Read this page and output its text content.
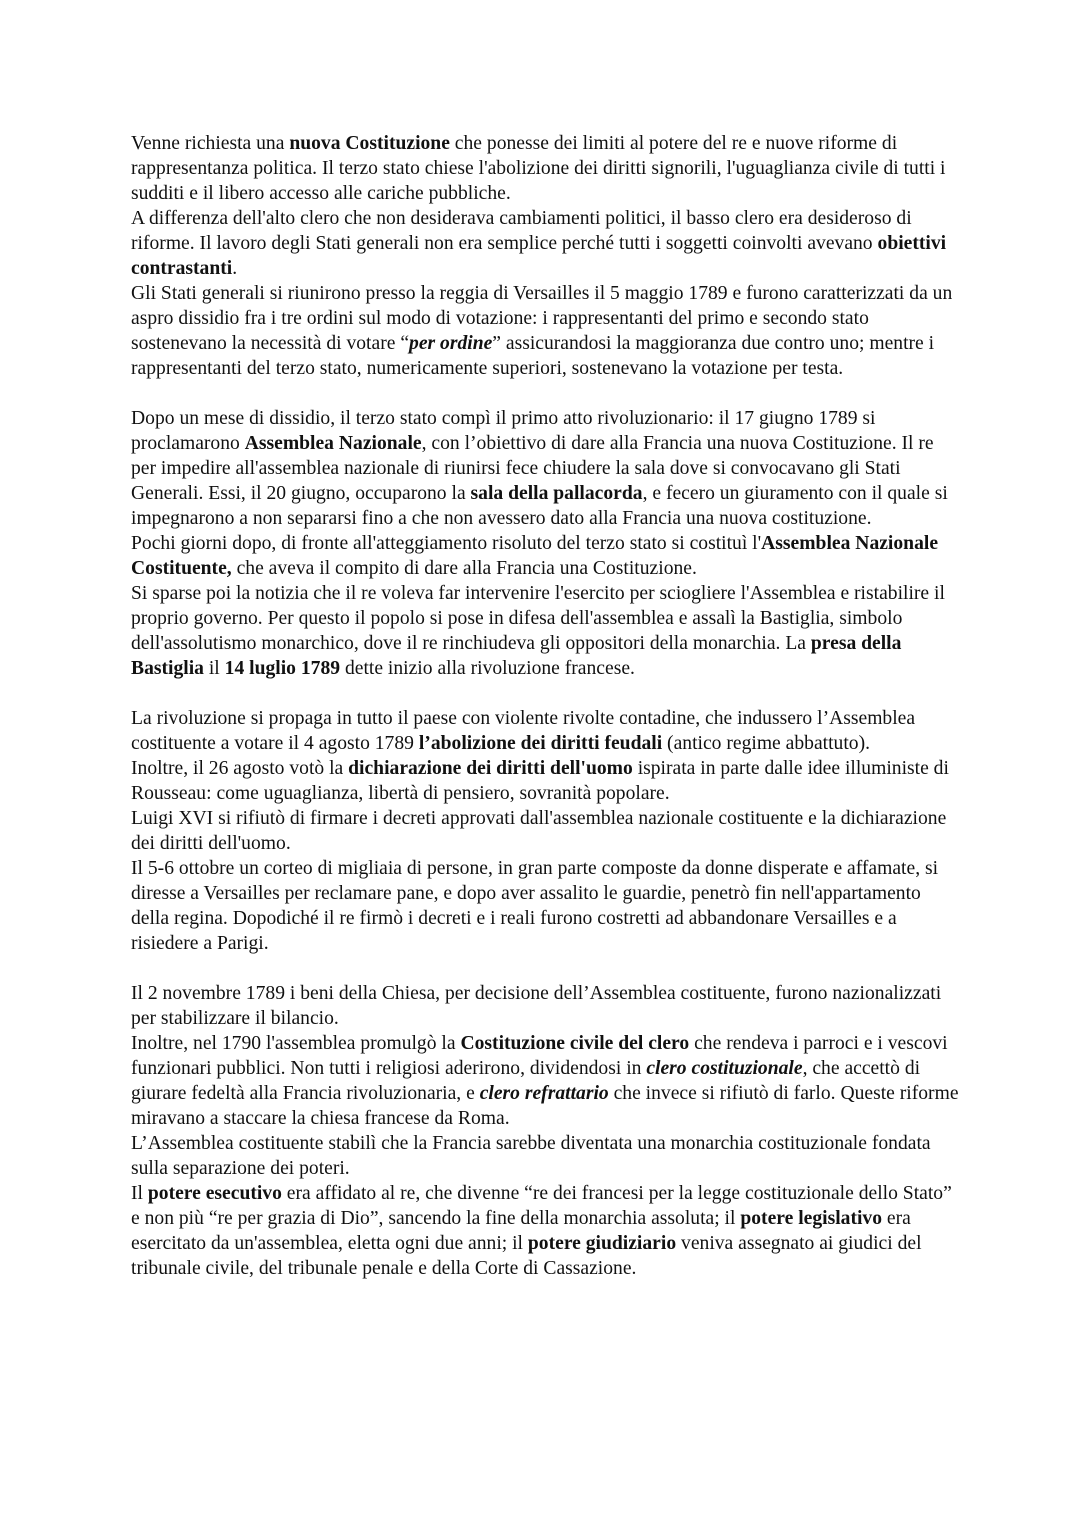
Venne richiesta una nuova Costituzione che ponesse dei limiti al potere del re e nuove riforme di rappresentanza politica. Il terzo stato chiese l'abolizione dei diritti signorili, l'uguaglianza civile di tutti i sudditi e il libero accesso alle cariche pubbliche.

A differenza dell'alto clero che non desiderava cambiamenti politici, il basso clero era desideroso di riforme. Il lavoro degli Stati generali non era semplice perché tutti i soggetti coinvolti avevano obiettivi contrastanti.

Gli Stati generali si riunirono presso la reggia di Versailles il 5 maggio 1789 e furono caratterizzati da un aspro dissidio fra i tre ordini sul modo di votazione: i rappresentanti del primo e secondo stato sostenevano la necessità di votare “per ordine” assicurandosi la maggioranza due contro uno; mentre i rappresentanti del terzo stato, numericamente superiori, sostenevano la votazione per testa.

Dopo un mese di dissidio, il terzo stato compì il primo atto rivoluzionario: il 17 giugno 1789 si proclamarono Assemblea Nazionale, con l’obiettivo di dare alla Francia una nuova Costituzione. Il re per impedire all'assemblea nazionale di riunirsi fece chiudere la sala dove si convocavano gli Stati Generali. Essi, il 20 giugno, occuparono la sala della pallacorda, e fecero un giuramento con il quale si impegnarono a non separarsi fino a che non avessero dato alla Francia una nuova costituzione.

Pochi giorni dopo, di fronte all'atteggiamento risoluto del terzo stato si costituì l'Assemblea Nazionale Costituente, che aveva il compito di dare alla Francia una Costituzione.

Si sparse poi la notizia che il re voleva far intervenire l'esercito per sciogliere l'Assemblea e ristabilire il proprio governo. Per questo il popolo si pose in difesa dell'assemblea e assalì la Bastiglia, simbolo dell'assolutismo monarchico, dove il re rinchiudeva gli oppositori della monarchia. La presa della Bastiglia il 14 luglio 1789 dette inizio alla rivoluzione francese.

La rivoluzione si propaga in tutto il paese con violente rivolte contadine, che indussero l’Assemblea costituente a votare il 4 agosto 1789 l’abolizione dei diritti feudali (antico regime abbattuto).

Inoltre, il 26 agosto votò la dichiarazione dei diritti dell'uomo ispirata in parte dalle idee illuministe di Rousseau: come uguaglianza, libertà di pensiero, sovranità popolare.

Luigi XVI si rifiutò di firmare i decreti approvati dall'assemblea nazionale costituente e la dichiarazione dei diritti dell'uomo.

Il 5-6 ottobre un corteo di migliaia di persone, in gran parte composte da donne disperate e affamate, si diresse a Versailles per reclamare pane, e dopo aver assalito le guardie, penetrò fin nell'appartamento della regina. Dopodiché il re firmò i decreti e i reali furono costretti ad abbandonare Versailles e a risiedere a Parigi.

Il 2 novembre 1789 i beni della Chiesa, per decisione dell’Assemblea costituente, furono nazionalizzati per stabilizzare il bilancio.

Inoltre, nel 1790 l'assemblea promulgò la Costituzione civile del clero che rendeva i parroci e i vescovi funzionari pubblici. Non tutti i religiosi aderirono, dividendosi in clero costituzionale, che accettò di giurare fedeltà alla Francia rivoluzionaria, e clero refrattario che invece si rifiutò di farlo. Queste riforme miravano a staccare la chiesa francese da Roma.

L’Assemblea costituente stabilì che la Francia sarebbe diventata una monarchia costituzionale fondata sulla separazione dei poteri.

Il potere esecutivo era affidato al re, che divenne “re dei francesi per la legge costituzionale dello Stato” e non più “re per grazia di Dio”, sancendo la fine della monarchia assoluta; il potere legislativo era esercitato da un'assemblea, eletta ogni due anni; il potere giudiziario veniva assegnato ai giudici del tribunale civile, del tribunale penale e della Corte di Cassazione.
